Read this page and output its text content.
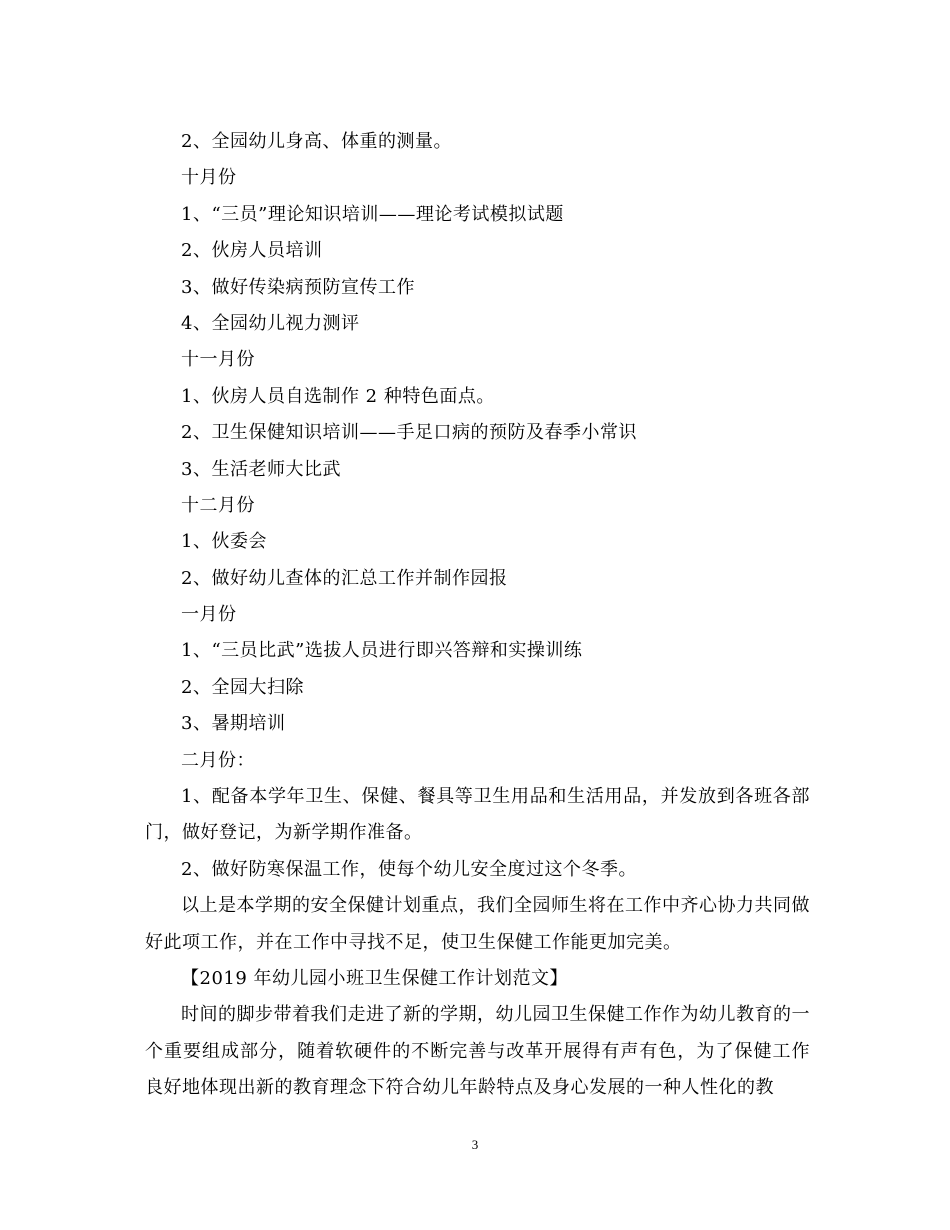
2、全园幼儿身高、体重的测量。
十月份
1、“三员”理论知识培训——理论考试模拟试题
2、伙房人员培训
3、做好传染病预防宣传工作
4、全园幼儿视力测评
十一月份
1、伙房人员自选制作 2 种特色面点。
2、卫生保健知识培训——手足口病的预防及春季小常识
3、生活老师大比武
十二月份
1、伙委会
2、做好幼儿查体的汇总工作并制作园报
一月份
1、“三员比武”选拔人员进行即兴答辩和实操训练
2、全园大扫除
3、暑期培训
二月份：
1、配备本学年卫生、保健、餐具等卫生用品和生活用品，并发放到各班各部门，做好登记，为新学期作准备。
2、做好防寒保温工作，使每个幼儿安全度过这个冬季。
以上是本学期的安全保健计划重点，我们全园师生将在工作中齐心协力共同做好此项工作，并在工作中寻找不足，使卫生保健工作能更加完美。
【2019 年幼儿园小班卫生保健工作计划范文】
时间的脚步带着我们走进了新的学期，幼儿园卫生保健工作作为幼儿教育的一个重要组成部分，随着软硬件的不断完善与改革开展得有声有色，为了保健工作良好地体现出新的教育理念下符合幼儿年龄特点及身心发展的一种人性化的教
3
